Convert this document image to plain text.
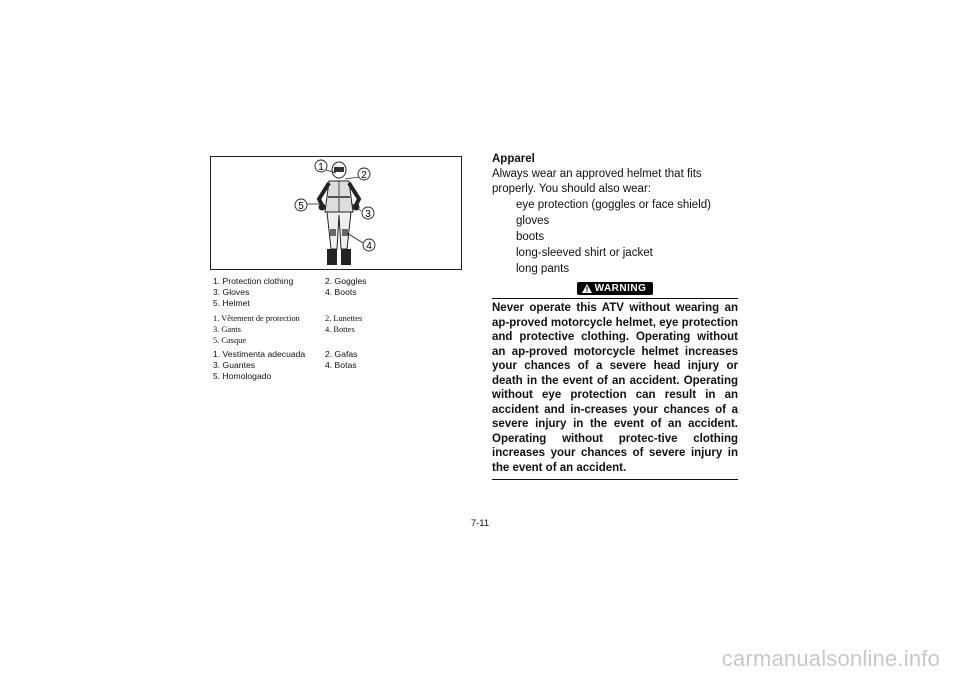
1
2
3
4
5
1. Protection clothing	2. Goggles
3. Gloves	4. Boots
5. Helmet
1. Vêtement de protection	2. Lunettes
3. Gants	4. Bottes
5. Casque
1. Vestimenta adecuada	2. Gafas
3. Guantes	4. Botas
5. Homologado
Apparel
Always wear an approved helmet that fits properly. You should also wear:
eye protection (goggles or face shield)
gloves
boots
long-sleeved shirt or jacket
long pants
WARNING
Never operate this ATV without wearing an ap-proved motorcycle helmet, eye protection and protective clothing. Operating without an ap-proved motorcycle helmet increases your chances of a severe head injury or death in the event of an accident. Operating without eye protection can result in an accident and in-creases your chances of a severe injury in the event of an accident. Operating without protec-tive clothing increases your chances of severe injury in the event of an accident.
7-11
carmanualsonline.info
